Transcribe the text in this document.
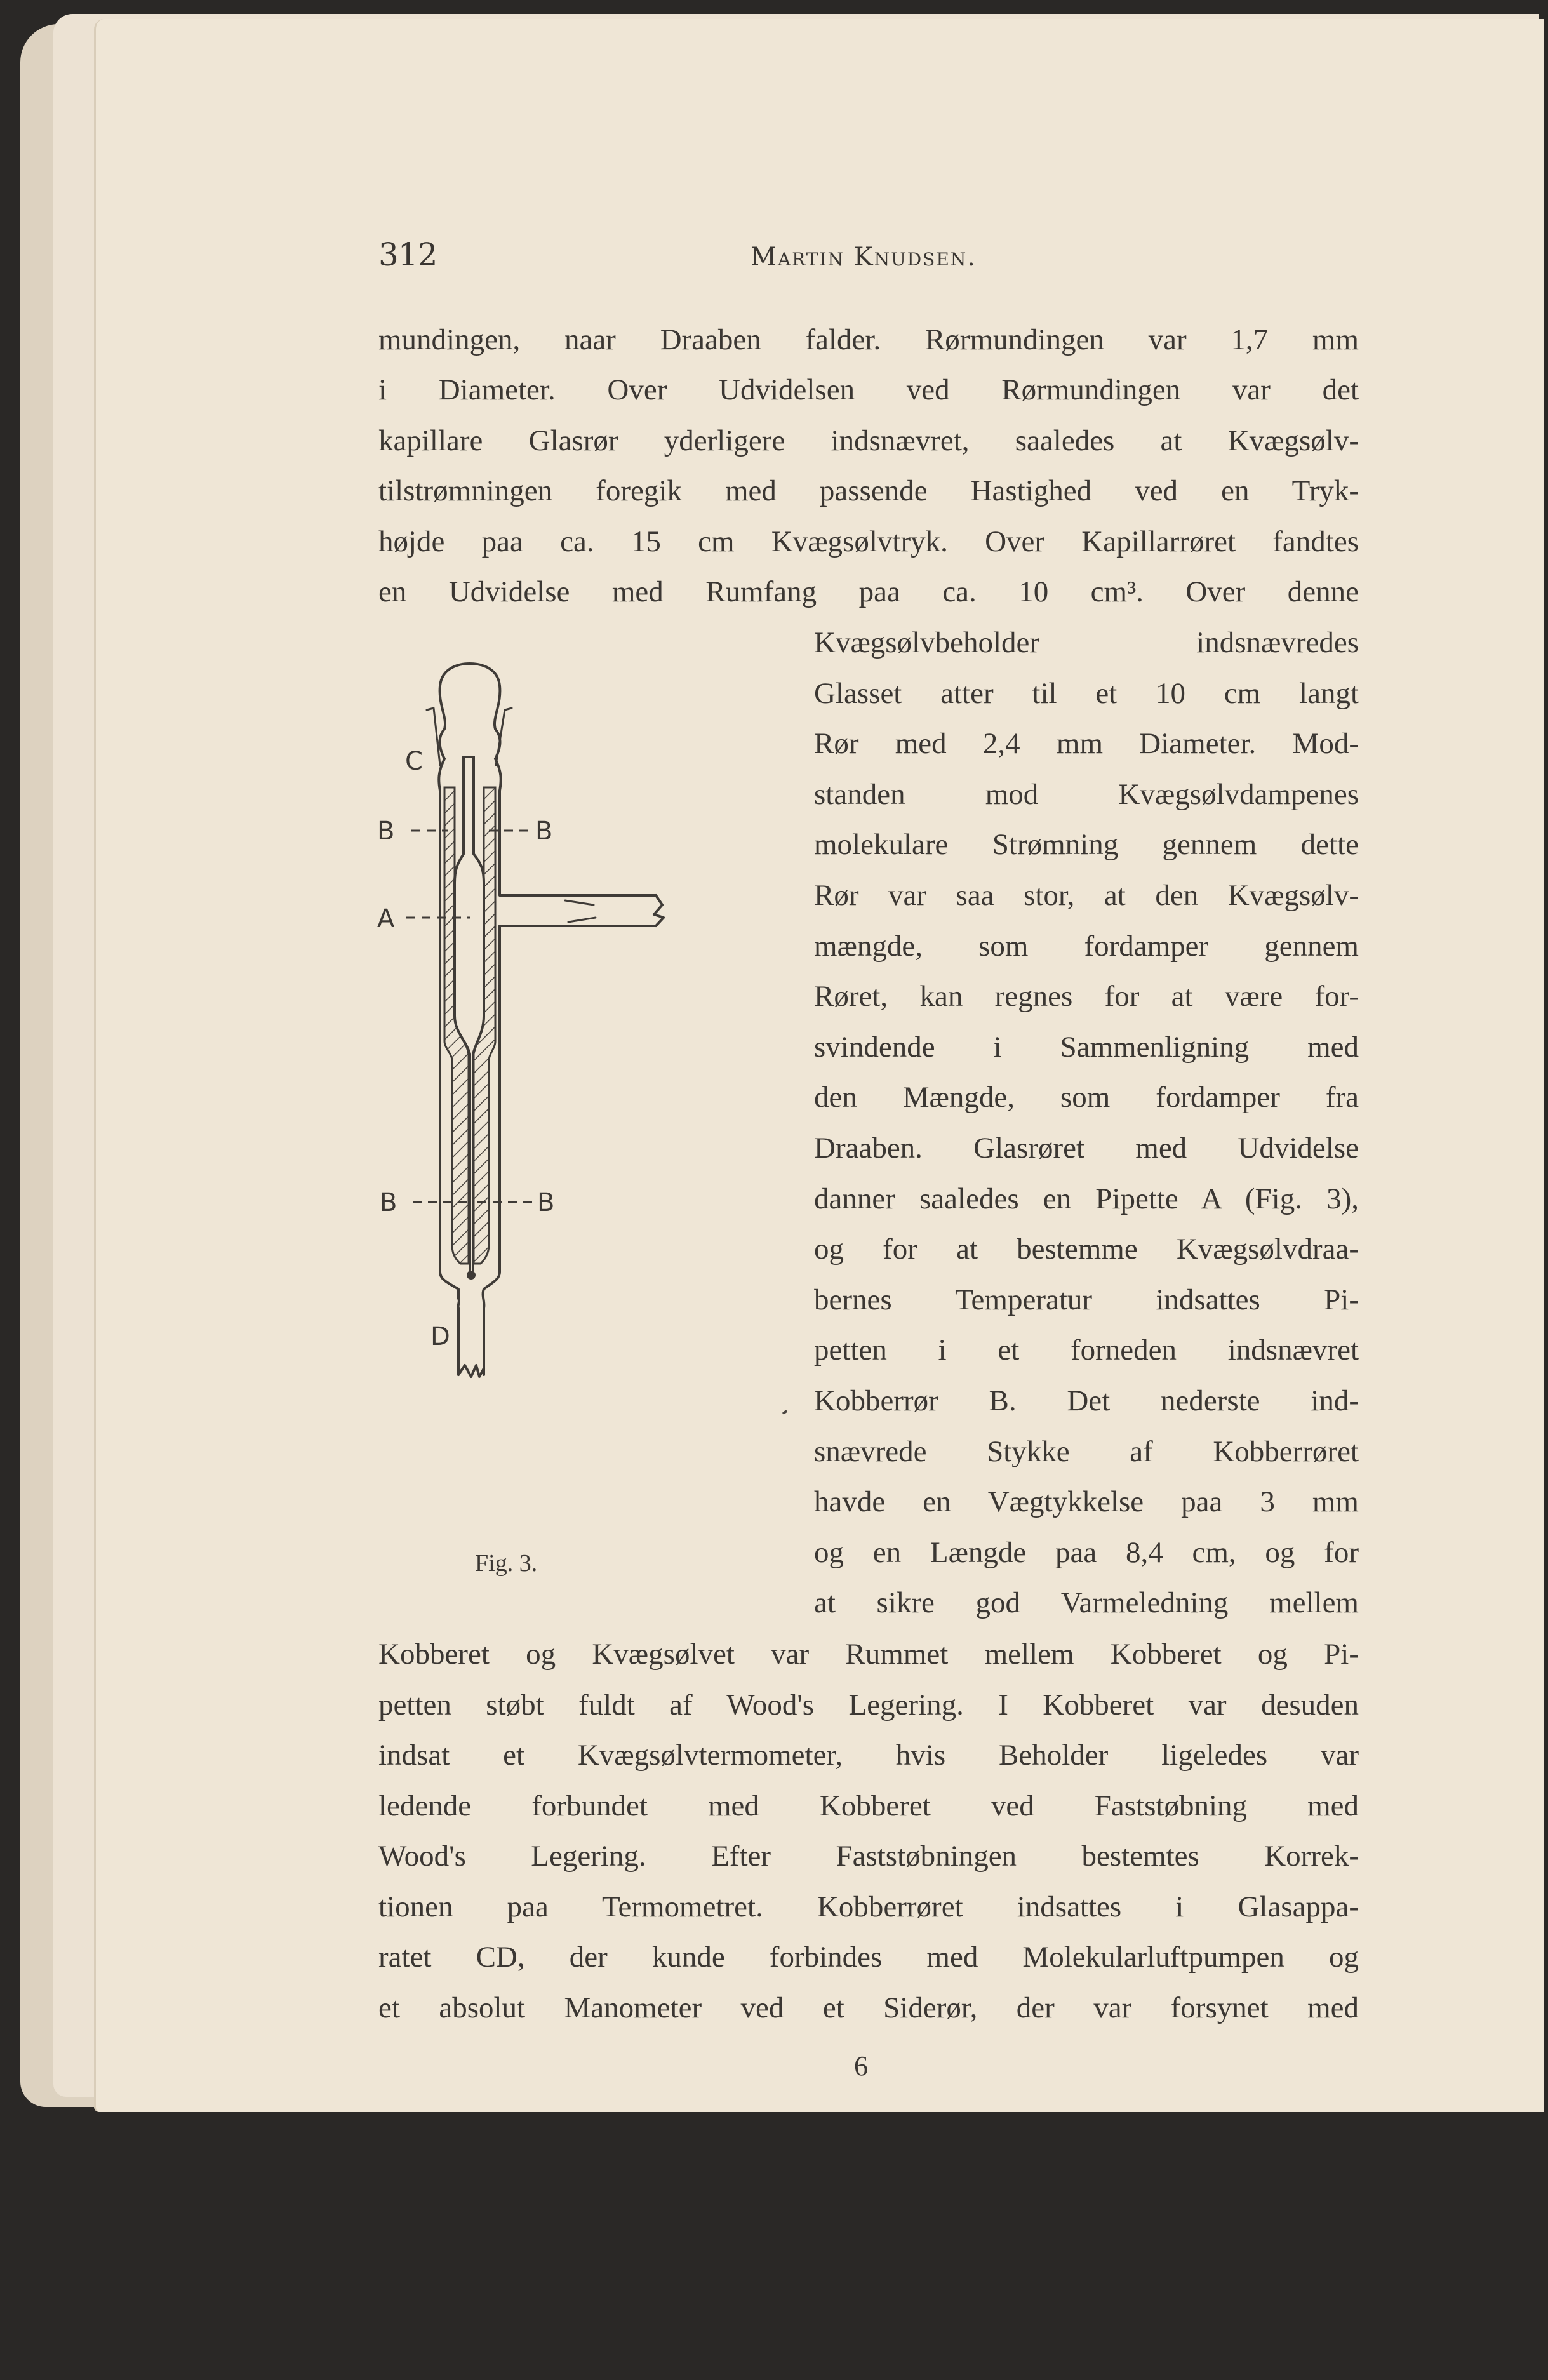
312	Martin Knudsen.
mundingen, naar Draaben falder. Rørmundingen var 1,7 mm
i Diameter. Over Udvidelsen ved Rørmundingen var det
kapillare Glasrør yderligere indsnævret, saaledes at Kvægsølv-
tilstrømningen foregik med passende Hastighed ved en Tryk-
højde paa ca. 15 cm Kvægsølvtryk. Over Kapillarrøret fandtes
en Udvidelse med Rumfang paa ca. 10 cm³. Over denne
Kvægsølvbeholder indsnævredes
Glasset atter til et 10 cm langt
Rør med 2,4 mm Diameter. Mod-
standen mod Kvægsølvdampenes
molekulare Strømning gennem dette
Rør var saa stor, at den Kvægsølv-
mængde, som fordamper gennem
Røret, kan regnes for at være for-
svindende i Sammenligning med
den Mængde, som fordamper fra
Draaben. Glasrøret med Udvidelse
danner saaledes en Pipette A (Fig. 3),
og for at bestemme Kvægsølvdraa-
bernes Temperatur indsattes Pi-
petten i et forneden indsnævret
Kobberrør B. Det nederste ind-
snævrede Stykke af Kobberrøret
havde en Vægtykkelse paa 3 mm
og en Længde paa 8,4 cm, og for
at sikre god Varmeledning mellem
Kobberet og Kvægsølvet var Rummet mellem Kobberet og Pi-
petten støbt fuldt af Wood's Legering. I Kobberet var desuden
indsat et Kvægsølvtermometer, hvis Beholder ligeledes var
ledende forbundet med Kobberet ved Faststøbning med
Wood's Legering. Efter Faststøbningen bestemtes Korrek-
tionen paa Termometret. Kobberrøret indsattes i Glasappa-
ratet CD, der kunde forbindes med Molekularluftpumpen og
et absolut Manometer ved et Siderør, der var forsynet med
C
B	B
A
B	B
D
Fig. 3.
6
